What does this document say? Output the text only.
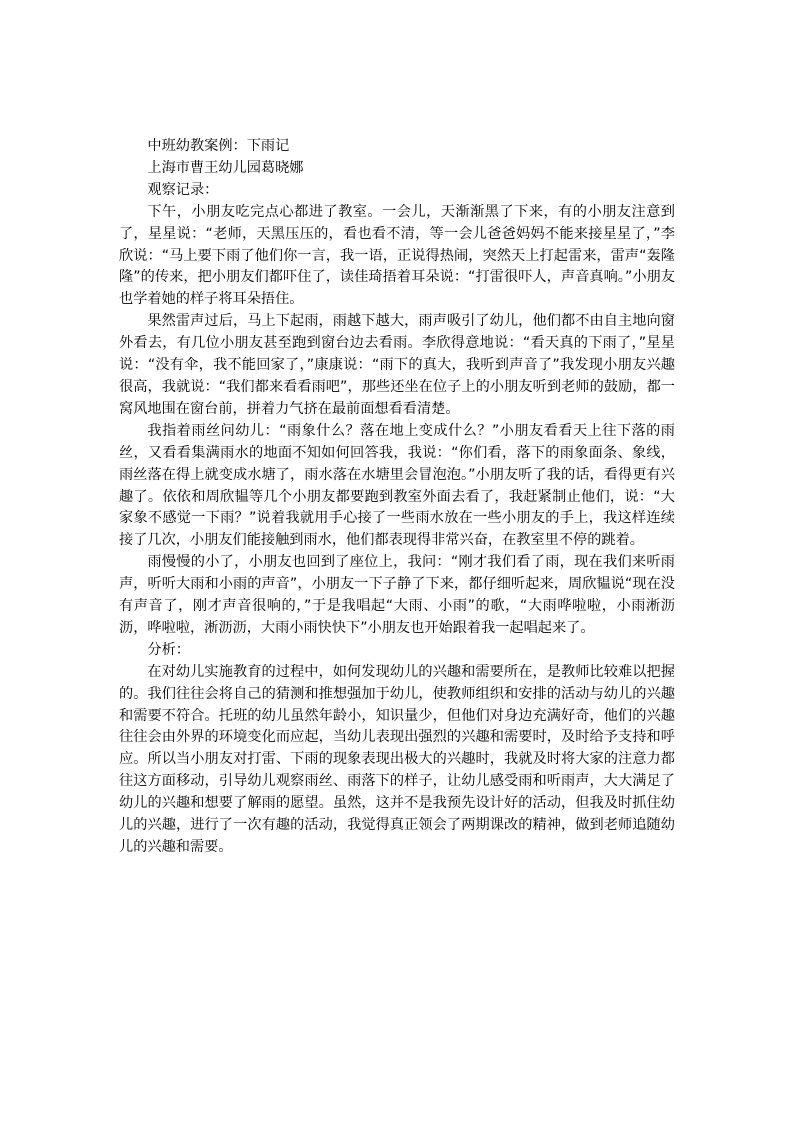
中班幼教案例：下雨记

上海市曹王幼儿园葛晓娜

观察记录：

下午，小朋友吃完点心都进了教室。一会儿，天渐渐黑了下来，有的小朋友注意到了，星星说：“老师，天黑压压的，看也看不清，等一会儿爸爸妈妈不能来接星星了，”李欣说：“马上要下雨了他们你一言，我一语，正说得热闹，突然天上打起雷来，雷声“轰隆隆”的传来，把小朋友们都吓住了，读佳琦捂着耳朵说：“打雷很吓人，声音真响。”小朋友也学着她的样子将耳朵捂住。

果然雷声过后，马上下起雨，雨越下越大，雨声吸引了幼儿，他们都不由自主地向窗外看去，有几位小朋友甚至跑到窗台边去看雨。李欣得意地说：“看天真的下雨了，”星星说：“没有伞，我不能回家了，”康康说：“雨下的真大，我听到声音了”我发现小朋友兴趣很高，我就说：“我们都来看看雨吧”，那些还坐在位子上的小朋友听到老师的鼓励，都一窝风地围在窗台前，拼着力气挤在最前面想看看清楚。

我指着雨丝问幼儿：“雨象什么？落在地上变成什么？”小朋友看看天上往下落的雨丝，又看看集满雨水的地面不知如何回答我，我说：“你们看，落下的雨象面条、象线，雨丝落在得上就变成水塘了，雨水落在水塘里会冒泡泡。”小朋友听了我的话，看得更有兴趣了。依依和周欣韫等几个小朋友都要跑到教室外面去看了，我赶紧制止他们，说：“大家象不感觉一下雨？”说着我就用手心接了一些雨水放在一些小朋友的手上，我这样连续接了几次，小朋友们能接触到雨水，他们都表现得非常兴奋，在教室里不停的跳着。

雨慢慢的小了，小朋友也回到了座位上，我问：“刚才我们看了雨，现在我们来听雨声，听听大雨和小雨的声音”，小朋友一下子静了下来，都仔细听起来，周欣韫说“现在没有声音了，刚才声音很响的，”于是我唱起“大雨、小雨”的歌，“大雨哗啦啦，小雨淅沥沥，哗啦啦，淅沥沥，大雨小雨快快下”小朋友也开始跟着我一起唱起来了。

分析：

在对幼儿实施教育的过程中，如何发现幼儿的兴趣和需要所在，是教师比较难以把握的。我们往往会将自己的猜测和推想强加于幼儿，使教师组织和安排的活动与幼儿的兴趣和需要不符合。托班的幼儿虽然年龄小，知识量少，但他们对身边充满好奇，他们的兴趣往往会由外界的环境变化而应起，当幼儿表现出强烈的兴趣和需要时，及时给予支持和呼应。所以当小朋友对打雷、下雨的现象表现出极大的兴趣时，我就及时将大家的注意力都往这方面移动，引导幼儿观察雨丝、雨落下的样子，让幼儿感受雨和听雨声，大大满足了幼儿的兴趣和想要了解雨的愿望。虽然，这并不是我预先设计好的活动，但我及时抓住幼儿的兴趣，进行了一次有趣的活动，我觉得真正领会了两期课改的精神，做到老师追随幼儿的兴趣和需要。
